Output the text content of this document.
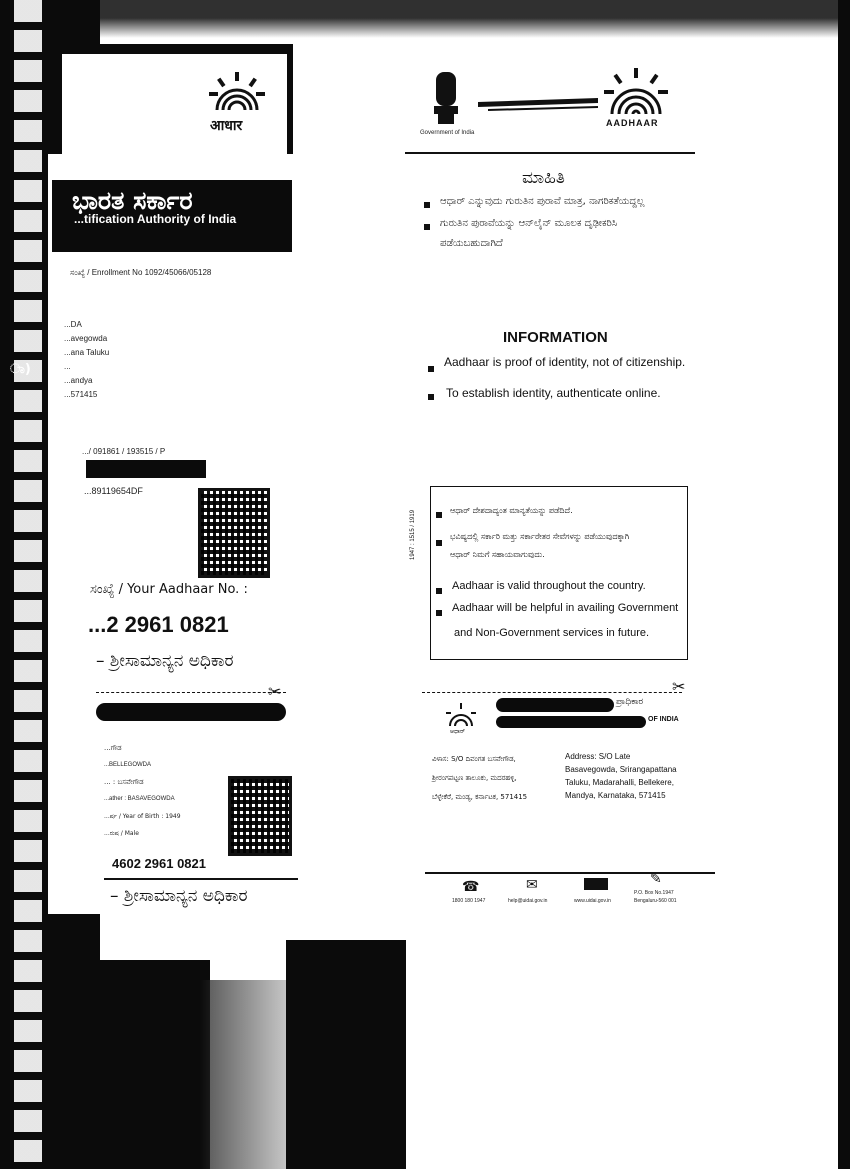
आधार
ಭಾರತ ಸರ್ಕಾರ
...tification Authority of India
ಸಂಖ್ಯೆ / Enrollment No 1092/45066/05128
...DA
...avegowda
...ana Taluku
...
...andya
...571415
ಾ)
.../ 091861 / 193515 / P
...89119654DF
ಸಂಖ್ಯೆ / Your Aadhaar No. :
...2 2961 0821
– ಶ್ರೀಸಾಮಾನ್ಯನ ಅಧಿಕಾರ
✂
...ಗೌಡ
...BELLEGOWDA
... : ಬಸವೇಗೌಡ
...ather : BASAVEGOWDA
...ರ್ಷ / Year of Birth : 1949
...ರುಷ / Male
4602 2961 0821
– ಶ್ರೀಸಾಮಾನ್ಯನ ಅಧಿಕಾರ
Government of India
AADHAAR
ಮಾಹಿತಿ
ಆಧಾರ್ ಎನ್ನುವುದು ಗುರುತಿನ ಪುರಾವೆ ಮಾತ್ರ, ನಾಗರಿಕತೆಯದ್ದಲ್ಲ
ಗುರುತಿನ ಪುರಾವೆಯನ್ನು ಆನ್‌ಲೈನ್ ಮೂಲಕ ದೃಢೀಕರಿಸಿ
ಪಡೆಯಬಹುದಾಗಿದೆ
INFORMATION
Aadhaar is proof of identity, not of citizenship.
To establish identity, authenticate online.
1947 : 1515 / 1919	ಆಧಾರ್ ದೇಶದಾದ್ಯಂತ ಮಾನ್ಯತೆಯನ್ನು ಪಡೆದಿದೆ.
ಭವಿಷ್ಯದಲ್ಲಿ ಸರ್ಕಾರಿ ಮತ್ತು ಸರ್ಕಾರೇತರ ಸೇವೆಗಳನ್ನು ಪಡೆಯುವುದಕ್ಕಾಗಿ
ಆಧಾರ್ ನಿಮಗೆ ಸಹಾಯವಾಗುವುದು.
Aadhaar is valid throughout the country.
Aadhaar will be helpful in availing Government
and Non-Government services in future.
✂
ಆಧಾರ್
ಪ್ರಾಧಿಕಾರ
OF INDIA
ವಿಳಾಸ: S/O ದಿವಂಗತ ಬಸವೇಗೌಡ,
ಶ್ರೀರಂಗಪಟ್ಟಣ ತಾಲೂಕು, ಮದರಹಳ್ಳಿ,
ಬೆಳ್ಳೇಕೆರೆ, ಮಂಡ್ಯ, ಕರ್ನಾಟಕ, 571415
Address: S/O Late
Basavegowda, Srirangapattana
Taluku, Madarahalli, Bellekere,
Mandya, Karnataka, 571415
☎
1800 180 1947
✉
help@uidai.gov.in	www.uidai.gov.in
✎
P.O. Box No.1947
Bengaluru-560 001
